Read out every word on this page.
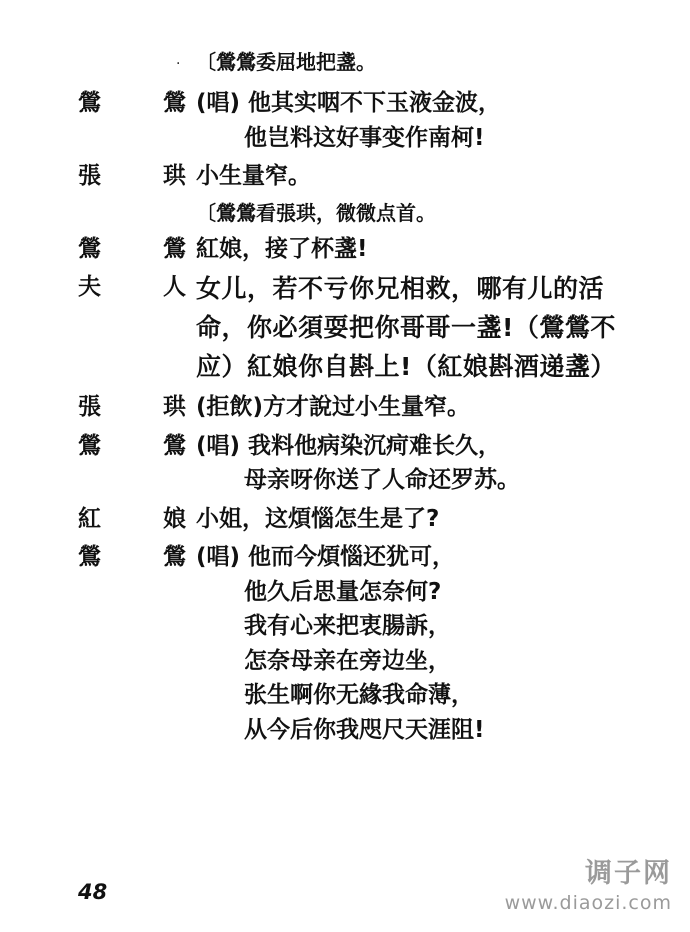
· 〔鶯鶯委屈地把盞。
鶯	鶯 (唱) 他其实咽不下玉液金波，
他岂料这好事变作南柯!
張	珙 小生量窄。
〔鶯鶯看張珙，微微点首。
鶯	鶯 紅娘，接了杯盞!
夫	人 女儿，若不亏你兄相救，哪有儿的活
命，你必須耍把你哥哥一盞!（鶯鶯不
应）紅娘你自斟上!（紅娘斟酒递盞）
張	珙 (拒飲)方才說过小生量窄。
鶯	鶯 (唱) 我料他病染沉疴难长久，
母亲呀你送了人命还罗苏。
紅	娘 小姐，这煩惱怎生是了?
鶯	鶯 (唱) 他而今煩惱还犹可，
他久后思量怎奈何?
我有心来把衷腸訴，
怎奈母亲在旁边坐，
张生啊你无緣我命薄，
从今后你我咫尺天涯阻!
48
调子网
www.diaozi.com
